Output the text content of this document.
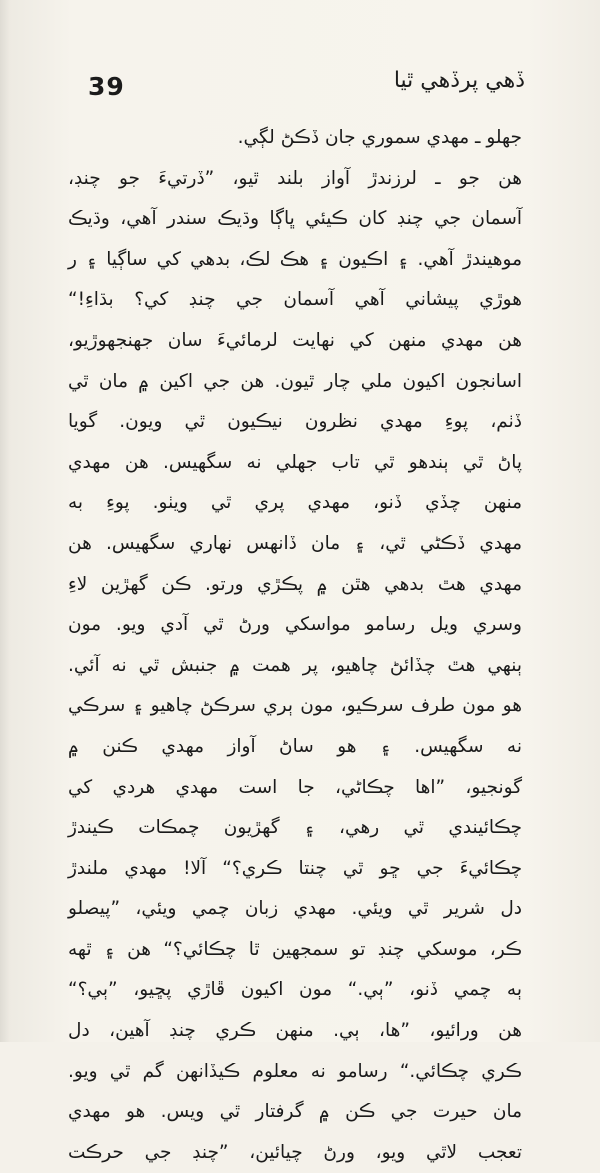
39	ڏهي پرڏهي ٿيا
جهلو ـ مهدي سموري جان ڏڪڻ لڳي.
هن جو ـ لرزندڙ آواز بلند ٿيو، ”ڏرتيءَ جو چنڊ،
آسمان جي چنڊ کان ڪيئي ڀاڳا وڌيڪ سندر آهي، وڌيڪ
موهيندڙ آهي. ۽ اڪيون ۽ هڪ لڪ، بدهي کي ساڳيا ۽ ر
هوڙي پيشاني آهي آسمان جي چنڊ کي؟ بڌاءِ!“
هن مهدي منهن کي نهايت لرمائيءَ سان جهنجهوڙيو،
اسانجون اکيون ملي چار ٿيون. هن جي اکين ۾ مان ٿي
ڏٺم، پوءِ مهدي نظرون نيڪيون ٿي ويون. گويا
پاڻ ٿي ٻندهو ٿي تاب جهلي نه سگهيس. هن مهدي
منهن چڏي ڏنو، مهدي پري ٿي ويٺو. پوءِ به
مهدي ڏڪڻي ٿي، ۽ مان ڏانهس نهاري سگهيس. هن
مهدي هٿ بدهي هٿن ۾ پڪڙي ورتو. ڪن گهڙين لاءِ
وسري ويل رسامو مواسکي ورڻ ٿي آدي ويو. مون
ٻنهي هٿ چڏائڻ چاهيو، پر همت ۾ جنبش ٿي نه آئي.
هو مون طرف سرڪيو، مون ٻري سرڪڻ چاهيو ۽ سرڪي
نه سگهيس. ۽ هو ساڻ آواز مهدي ڪنن ۾
گونجيو، ”اها چڪاڻي، جا است مهدي هردي کي
چڪائيندي ٿي رهي، ۽ گهڙيون چمڪات ڪيندڙ
چڪائيءَ جي ڇو ٿي چنتا ڪري؟“ آلا! مهدي ملندڙ
دل شرير ٿي ويئي. مهدي زبان چمي ويئي، ”پيصلو
ڪر، موسکي چنڊ تو سمجهين ٿا چڪائي؟“ هن ۽ ٿهه
ٻه چمي ڏنو، ”ٻي.“ مون اکيون ڦاڙي پڇيو، ”ٻي؟“
هن ورائيو، ”ها، ٻي. منهن ڪري چنڊ آهين، دل
ڪري چڪائي.“ رسامو نه معلوم ڪيڏانهن گم ٿي ويو.
مان حيرت جي ڪن ۾ گرفتار ٿي ويس. هو مهدي
تعجب لاٿي ويو، ورڻ چيائين، ”چنڊ جي حرڪت
